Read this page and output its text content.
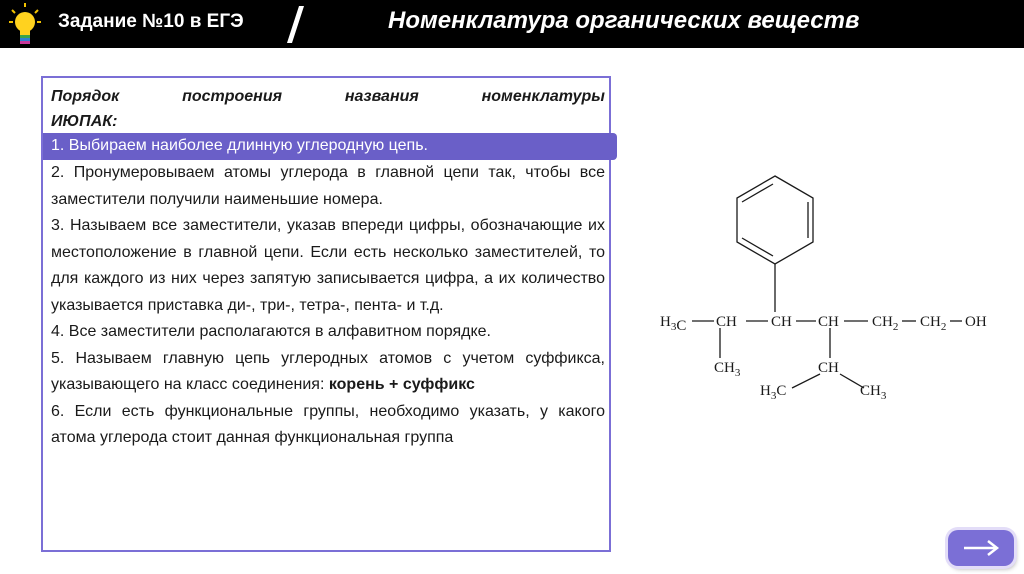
Задание №10 в ЕГЭ	Номенклатура органических веществ
Порядок	построения	названия	номенклатуры
ИЮПАК:
1. Выбираем наиболее длинную углеродную цепь.
2. Пронумеровываем атомы углерода в главной цепи так, чтобы все заместители получили наименьшие номера.
3. Называем все заместители, указав впереди цифры, обозначающие их местоположение в главной цепи. Если есть несколько заместителей, то для каждого из них через запятую записывается цифра, а их количество указывается приставка ди-, три-, тетра-, пента- и т.д.
4. Все заместители располагаются в алфавитном порядке.
5. Называем главную цепь углеродных атомов с учетом суффикса, указывающего на класс соединения: корень + суффикс
6. Если есть функциональные группы, необходимо указать, у какого атома углерода стоит данная функциональная группа
$H_3C$ CH CH CH $CH_2$ $CH_2$ OH
$CH_3$	CH
$H_3C$	$CH_3$
